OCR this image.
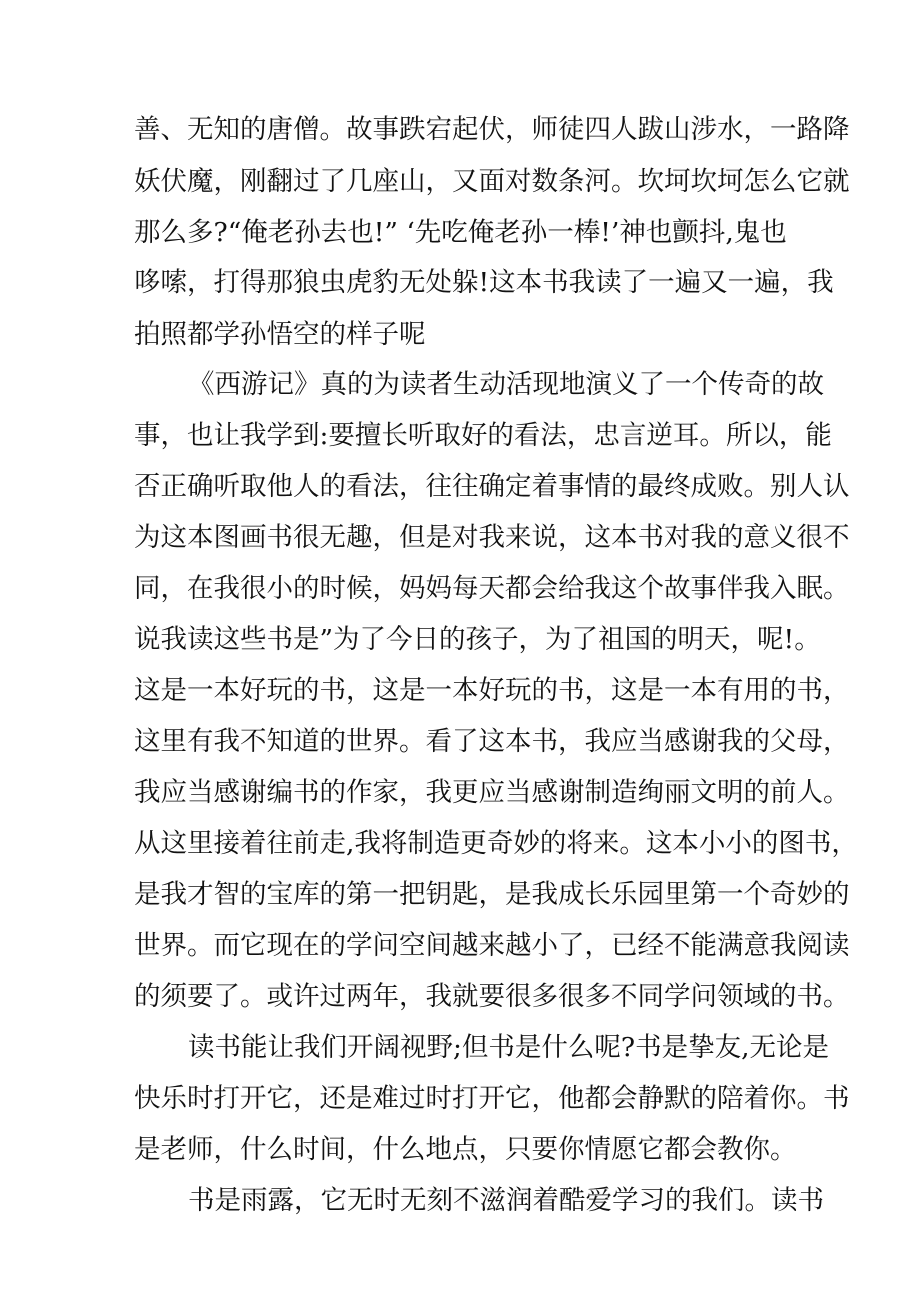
善、无知的唐僧。故事跌宕起伏，师徒四人跋山涉水，一路降
妖伏魔，刚翻过了几座山，又面对数条河。坎坷坎坷怎么它就
那么多?“俺老孙去也!” ‘先吃俺老孙一棒!’神也颤抖,鬼也
哆嗦，打得那狼虫虎豹无处躲!这本书我读了一遍又一遍，我
拍照都学孙悟空的样子呢
《西游记》真的为读者生动活现地演义了一个传奇的故
事，也让我学到:要擅长听取好的看法，忠言逆耳。所以，能
否正确听取他人的看法，往往确定着事情的最终成败。别人认
为这本图画书很无趣，但是对我来说，这本书对我的意义很不
同，在我很小的时候，妈妈每天都会给我这个故事伴我入眠。
说我读这些书是”为了今日的孩子，为了祖国的明天，呢!。
这是一本好玩的书，这是一本好玩的书，这是一本有用的书，
这里有我不知道的世界。看了这本书，我应当感谢我的父母，
我应当感谢编书的作家，我更应当感谢制造绚丽文明的前人。
从这里接着往前走,我将制造更奇妙的将来。这本小小的图书，
是我才智的宝库的第一把钥匙，是我成长乐园里第一个奇妙的
世界。而它现在的学问空间越来越小了，已经不能满意我阅读
的须要了。或许过两年，我就要很多很多不同学问领域的书。
读书能让我们开阔视野;但书是什么呢?书是挚友,无论是
快乐时打开它，还是难过时打开它，他都会静默的陪着你。书
是老师，什么时间，什么地点，只要你情愿它都会教你。
书是雨露，它无时无刻不滋润着酷爱学习的我们。读书
